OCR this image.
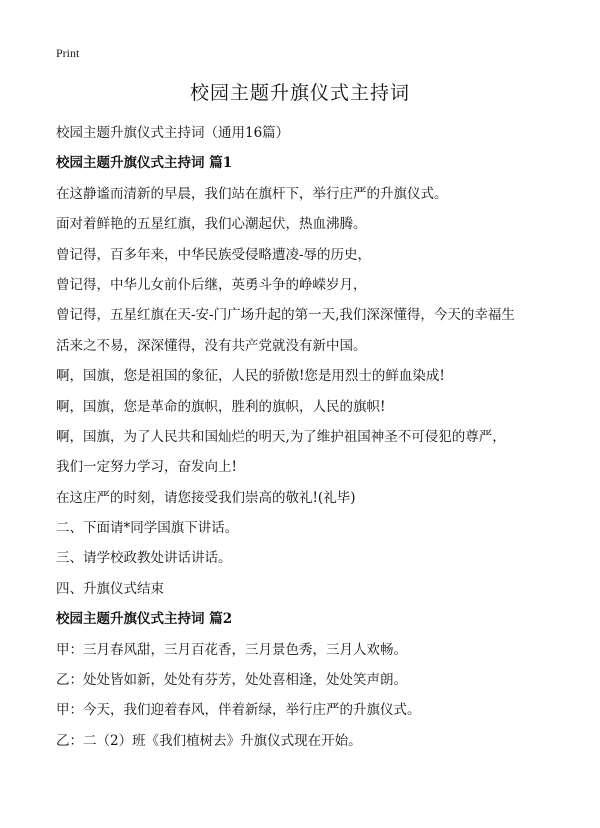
Print
校园主题升旗仪式主持词
校园主题升旗仪式主持词（通用16篇）
校园主题升旗仪式主持词 篇1
在这静谧而清新的早晨，我们站在旗杆下，举行庄严的升旗仪式。
面对着鲜艳的五星红旗，我们心潮起伏，热血沸腾。
曾记得，百多年来，中华民族受侵略遭凌-辱的历史，
曾记得，中华儿女前仆后继，英勇斗争的峥嵘岁月，
曾记得，五星红旗在天-安-门广场升起的第一天,我们深深懂得，今天的幸福生
活来之不易，深深懂得，没有共产党就没有新中国。
啊，国旗，您是祖国的象征，人民的骄傲!您是用烈士的鲜血染成!
啊，国旗，您是革命的旗帜，胜利的旗帜，人民的旗帜!
啊，国旗，为了人民共和国灿烂的明天,为了维护祖国神圣不可侵犯的尊严，
我们一定努力学习，奋发向上!
在这庄严的时刻，请您接受我们崇高的敬礼!(礼毕)
二、下面请*同学国旗下讲话。
三、请学校政教处讲话讲话。
四、升旗仪式结束
校园主题升旗仪式主持词 篇2
甲：三月春风甜，三月百花香，三月景色秀，三月人欢畅。
乙：处处皆如新，处处有芬芳，处处喜相逢，处处笑声朗。
甲：今天，我们迎着春风，伴着新绿，举行庄严的升旗仪式。
乙：二（2）班《我们植树去》升旗仪式现在开始。
